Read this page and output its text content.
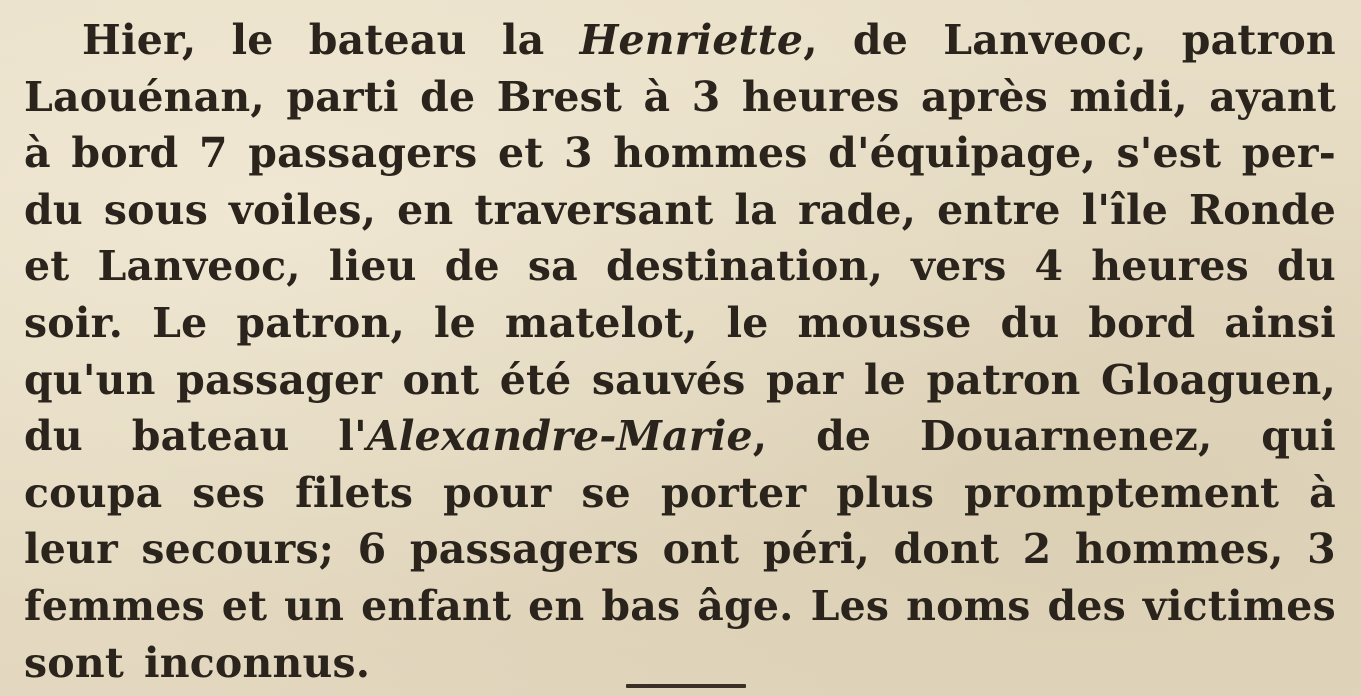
Hier, le bateau la Henriette, de Lanveoc, patron
Laouénan, parti de Brest à 3 heures après midi, ayant
à bord 7 passagers et 3 hommes d'équipage, s'est per-
du sous voiles, en traversant la rade, entre l'île Ronde
et Lanveoc, lieu de sa destination, vers 4 heures du
soir. Le patron, le matelot, le mousse du bord ainsi
qu'un passager ont été sauvés par le patron Gloaguen,
du bateau l'Alexandre-Marie, de Douarnenez, qui
coupa ses filets pour se porter plus promptement à
leur secours; 6 passagers ont péri, dont 2 hommes, 3
femmes et un enfant en bas âge. Les noms des victimes
sont inconnus.
